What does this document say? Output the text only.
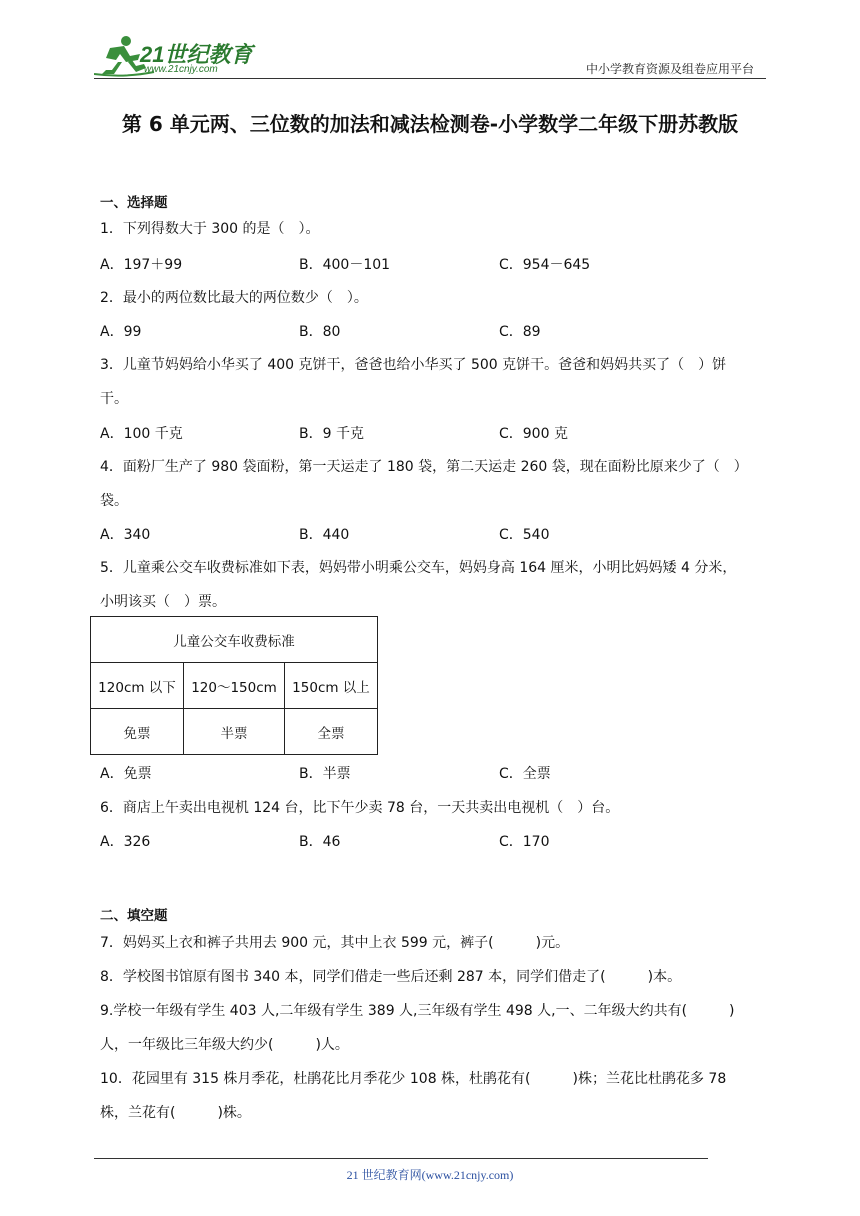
21世纪教育
www.21cnjy.com	中小学教育资源及组卷应用平台
第 6 单元两、三位数的加法和减法检测卷-小学数学二年级下册苏教版
一、选择题
1．下列得数大于 300 的是（　）。
A．197＋99	B．400－101	C．954－645
2．最小的两位数比最大的两位数少（　）。
A．99	B．80	C．89
3．儿童节妈妈给小华买了 400 克饼干，爸爸也给小华买了 500 克饼干。爸爸和妈妈共买了（　）饼
干。
A．100 千克	B．9 千克	C．900 克
4．面粉厂生产了 980 袋面粉，第一天运走了 180 袋，第二天运走 260 袋，现在面粉比原来少了（　）
袋。
A．340	B．440	C．540
5．儿童乘公交车收费标准如下表，妈妈带小明乘公交车，妈妈身高 164 厘米，小明比妈妈矮 4 分米，
小明该买（　）票。
儿童公交车收费标准		
120cm 以下	120～150cm	150cm 以上
免票	半票	全票
A．免票	B．半票	C．全票
6．商店上午卖出电视机 124 台，比下午少卖 78 台，一天共卖出电视机（　）台。
A．326	B．46	C．170
二、填空题
7．妈妈买上衣和裤子共用去 900 元，其中上衣 599 元，裤子(　　　)元。
8．学校图书馆原有图书 340 本，同学们借走一些后还剩 287 本，同学们借走了(　　　)本。
9.学校一年级有学生 403 人,二年级有学生 389 人,三年级有学生 498 人,一、二年级大约共有(　　　)
人，一年级比三年级大约少(　　　)人。
10．花园里有 315 株月季花，杜鹃花比月季花少 108 株，杜鹃花有(　　　)株；兰花比杜鹃花多 78
株，兰花有(　　　)株。
21 世纪教育网(www.21cnjy.com)
